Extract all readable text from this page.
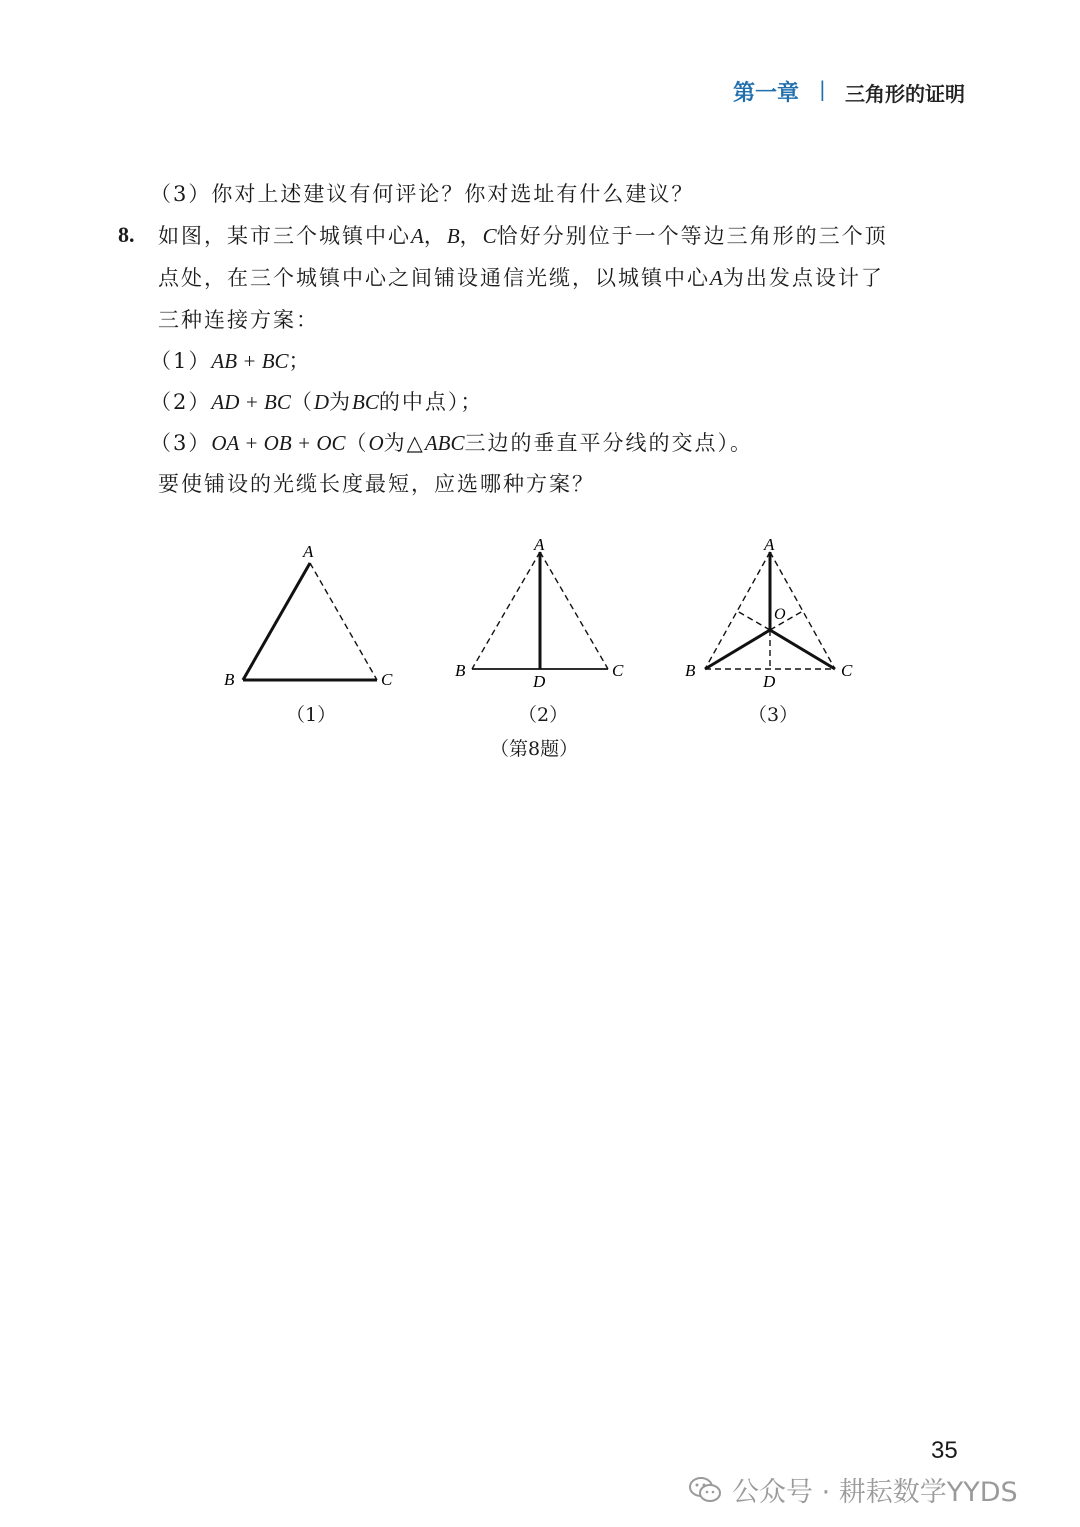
第一章 | 三角形的证明
（3）你对上述建议有何评论？你对选址有什么建议？
8. 如图，某市三个城镇中心A，B，C恰好分别位于一个等边三角形的三个顶
点处，在三个城镇中心之间铺设通信光缆，以城镇中心A为出发点设计了
三种连接方案：
（1）AB + BC；
（2）AD + BC（D为BC的中点）；
（3）OA + OB + OC（O为△ABC三边的垂直平分线的交点）。
要使铺设的光缆长度最短，应选哪种方案？
A
B	C
（1）
A
B	C
D
（2）
A
B	C
D
O
（3）
（第8题）
35
公众号 · 耕耘数学YYDS
